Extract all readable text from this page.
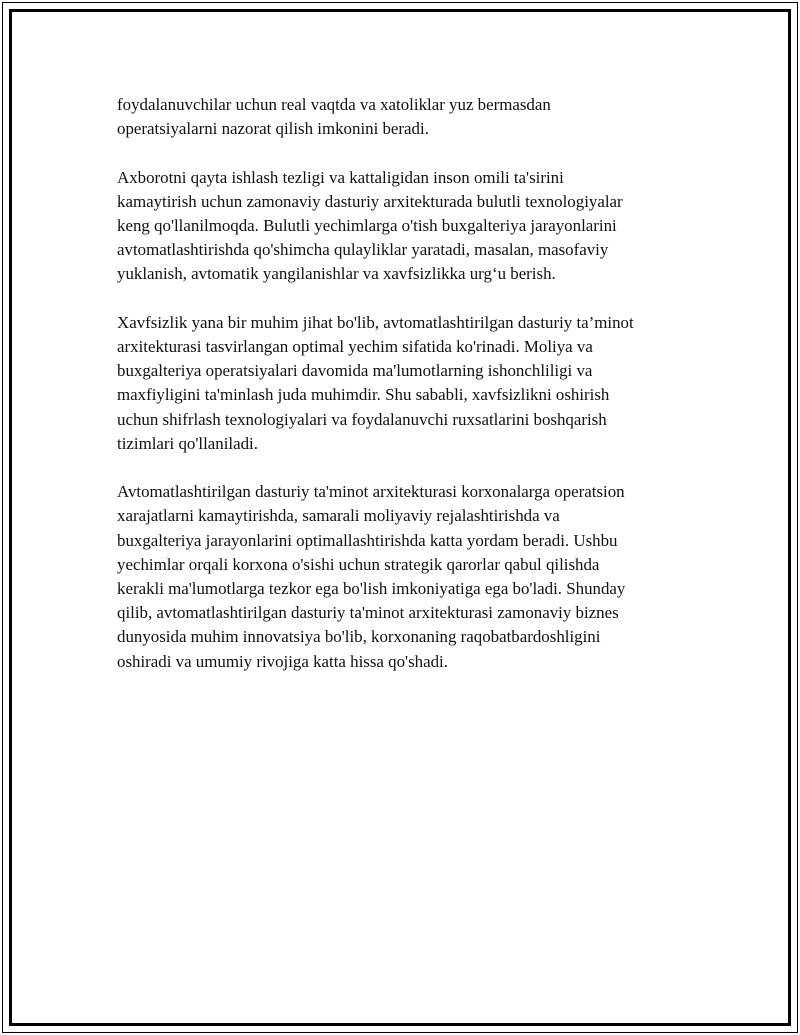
foydalanuvchilar uchun real vaqtda va xatoliklar yuz bermasdan
operatsiyalarni nazorat qilish imkonini beradi.

Axborotni qayta ishlash tezligi va kattaligidan inson omili ta'sirini
kamaytirish uchun zamonaviy dasturiy arxitekturada bulutli texnologiyalar
keng qo'llanilmoqda. Bulutli yechimlarga o'tish buxgalteriya jarayonlarini
avtomatlashtirishda qo'shimcha qulayliklar yaratadi, masalan, masofaviy
yuklanish, avtomatik yangilanishlar va xavfsizlikka urg‘u berish.

Xavfsizlik yana bir muhim jihat bo'lib, avtomatlashtirilgan dasturiy ta’minot
arxitekturasi tasvirlangan optimal yechim sifatida ko'rinadi. Moliya va
buxgalteriya operatsiyalari davomida ma'lumotlarning ishonchliligi va
maxfiyligini ta'minlash juda muhimdir. Shu sababli, xavfsizlikni oshirish
uchun shifrlash texnologiyalari va foydalanuvchi ruxsatlarini boshqarish
tizimlari qo'llaniladi.

Avtomatlashtirilgan dasturiy ta'minot arxitekturasi korxonalarga operatsion
xarajatlarni kamaytirishda, samarali moliyaviy rejalashtirishda va
buxgalteriya jarayonlarini optimallashtirishda katta yordam beradi. Ushbu
yechimlar orqali korxona o'sishi uchun strategik qarorlar qabul qilishda
kerakli ma'lumotlarga tezkor ega bo'lish imkoniyatiga ega bo'ladi. Shunday
qilib, avtomatlashtirilgan dasturiy ta'minot arxitekturasi zamonaviy biznes
dunyosida muhim innovatsiya bo'lib, korxonaning raqobatbardoshligini
oshiradi va umumiy rivojiga katta hissa qo'shadi.
